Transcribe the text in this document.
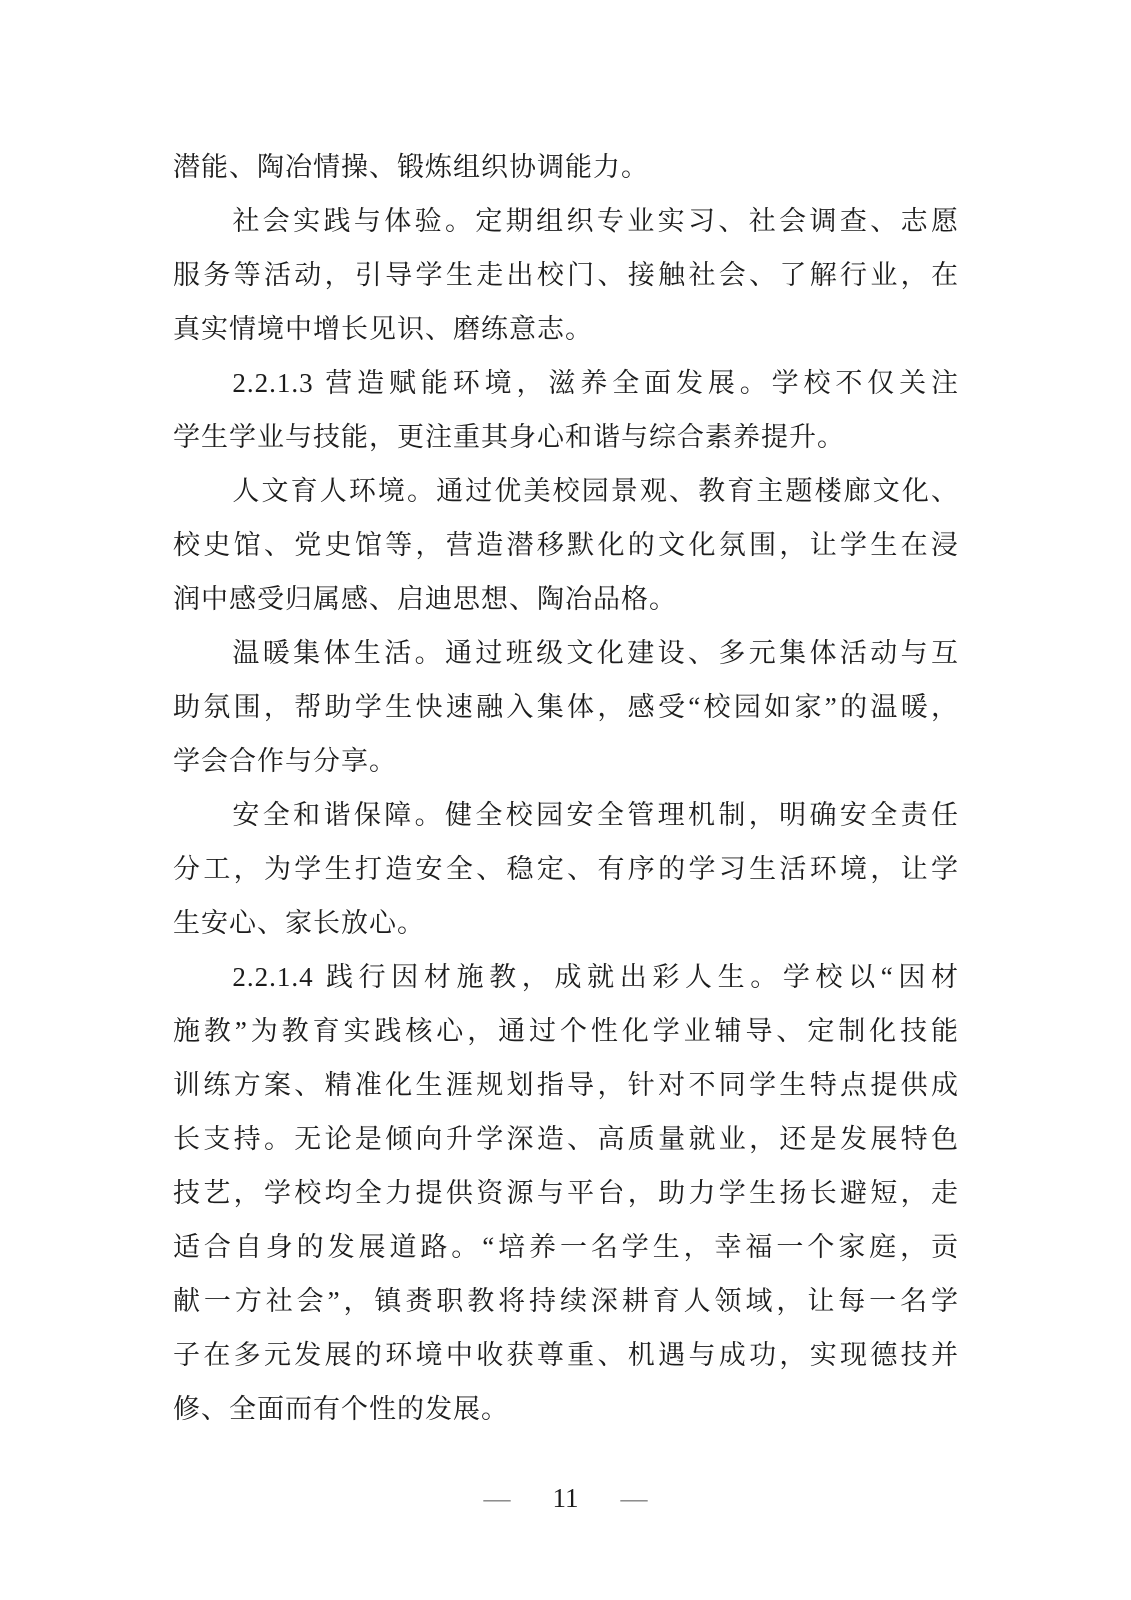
潜能、陶冶情操、锻炼组织协调能力。
社会实践与体验。定期组织专业实习、社会调查、志愿
服务等活动，引导学生走出校门、接触社会、了解行业，在
真实情境中增长见识、磨练意志。
2.2.1.3 营造赋能环境，滋养全面发展。学校不仅关注
学生学业与技能，更注重其身心和谐与综合素养提升。
人文育人环境。通过优美校园景观、教育主题楼廊文化、
校史馆、党史馆等，营造潜移默化的文化氛围，让学生在浸
润中感受归属感、启迪思想、陶冶品格。
温暖集体生活。通过班级文化建设、多元集体活动与互
助氛围，帮助学生快速融入集体，感受“校园如家”的温暖，
学会合作与分享。
安全和谐保障。健全校园安全管理机制，明确安全责任
分工，为学生打造安全、稳定、有序的学习生活环境，让学
生安心、家长放心。
2.2.1.4 践行因材施教，成就出彩人生。学校以“因材
施教”为教育实践核心，通过个性化学业辅导、定制化技能
训练方案、精准化生涯规划指导，针对不同学生特点提供成
长支持。无论是倾向升学深造、高质量就业，还是发展特色
技艺，学校均全力提供资源与平台，助力学生扬长避短，走
适合自身的发展道路。“培养一名学生，幸福一个家庭，贡
献一方社会”，镇赉职教将持续深耕育人领域，让每一名学
子在多元发展的环境中收获尊重、机遇与成功，实现德技并
修、全面而有个性的发展。
— 11 —
